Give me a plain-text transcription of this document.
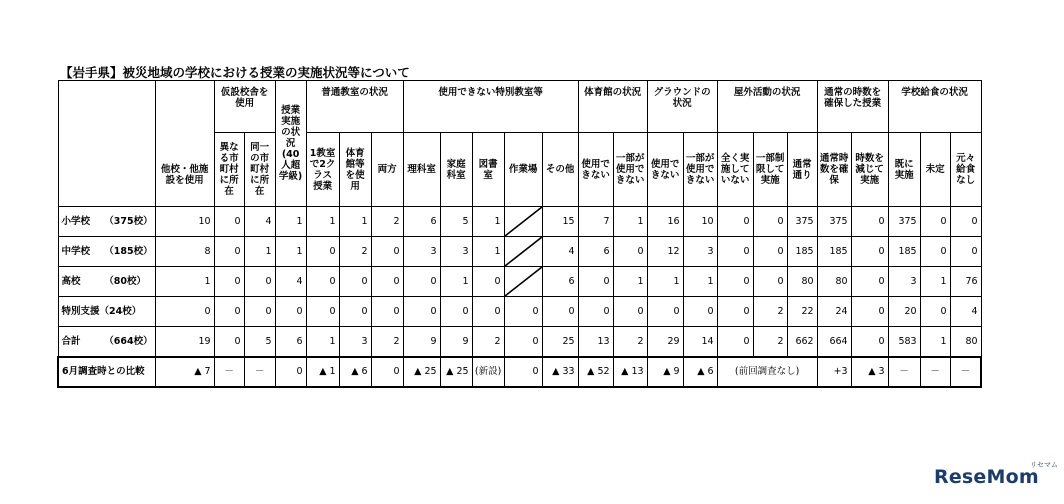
【岩手県】被災地域の学校における授業の実施状況等について
	他校・他施設を使用	仮設校舎を使用		授業実施の状況(40人超学級)	普通教室の状況			使用できない特別教室等					体育館の状況		グラウンドの状況		屋外活動の状況			通常の時数を確保した授業		学校給食の状況		
		異なる市町村に所在	同一の市町村に所在		1教室で2クラス授業	体育館等を使用	両方	理科室	家庭科室	図書室	作業場	その他	使用できない	一部が使用できない	使用できない	一部が使用できない	全く実施していない	一部制限して実施	通常通り	通常時数を確保	時数を減じて実施	既に実施	未定	元々給食なし
小学校　　（375校）	10	0	4	1	1	1	2	6	5	1		15	7	1	16	10	0	0	375	375	0	375	0	0
中学校　　（185校）	8	0	1	1	0	2	0	3	3	1		4	6	0	12	3	0	0	185	185	0	185	0	0
高校　　　（80校）	1	0	0	4	0	0	0	0	1	0		6	0	1	1	1	0	0	80	80	0	3	1	76
特別支援（24校）	0	0	0	0	0	0	0	0	0	0	0	0	0	0	0	0	0	2	22	24	0	20	0	4
合計　　　（664校）	19	0	5	6	1	3	2	9	9	2	0	25	13	2	29	14	0	2	662	664	0	583	1	80
6月調査時との比較	▲ 7	－	－	0	▲ 1	▲ 6	0	▲ 25	▲ 25	(新設)	0	▲ 33	▲ 52	▲ 13	▲ 9	▲ 6	(前回調査なし)			+3	▲ 3	－	－	－
ReseMom
リセマム
